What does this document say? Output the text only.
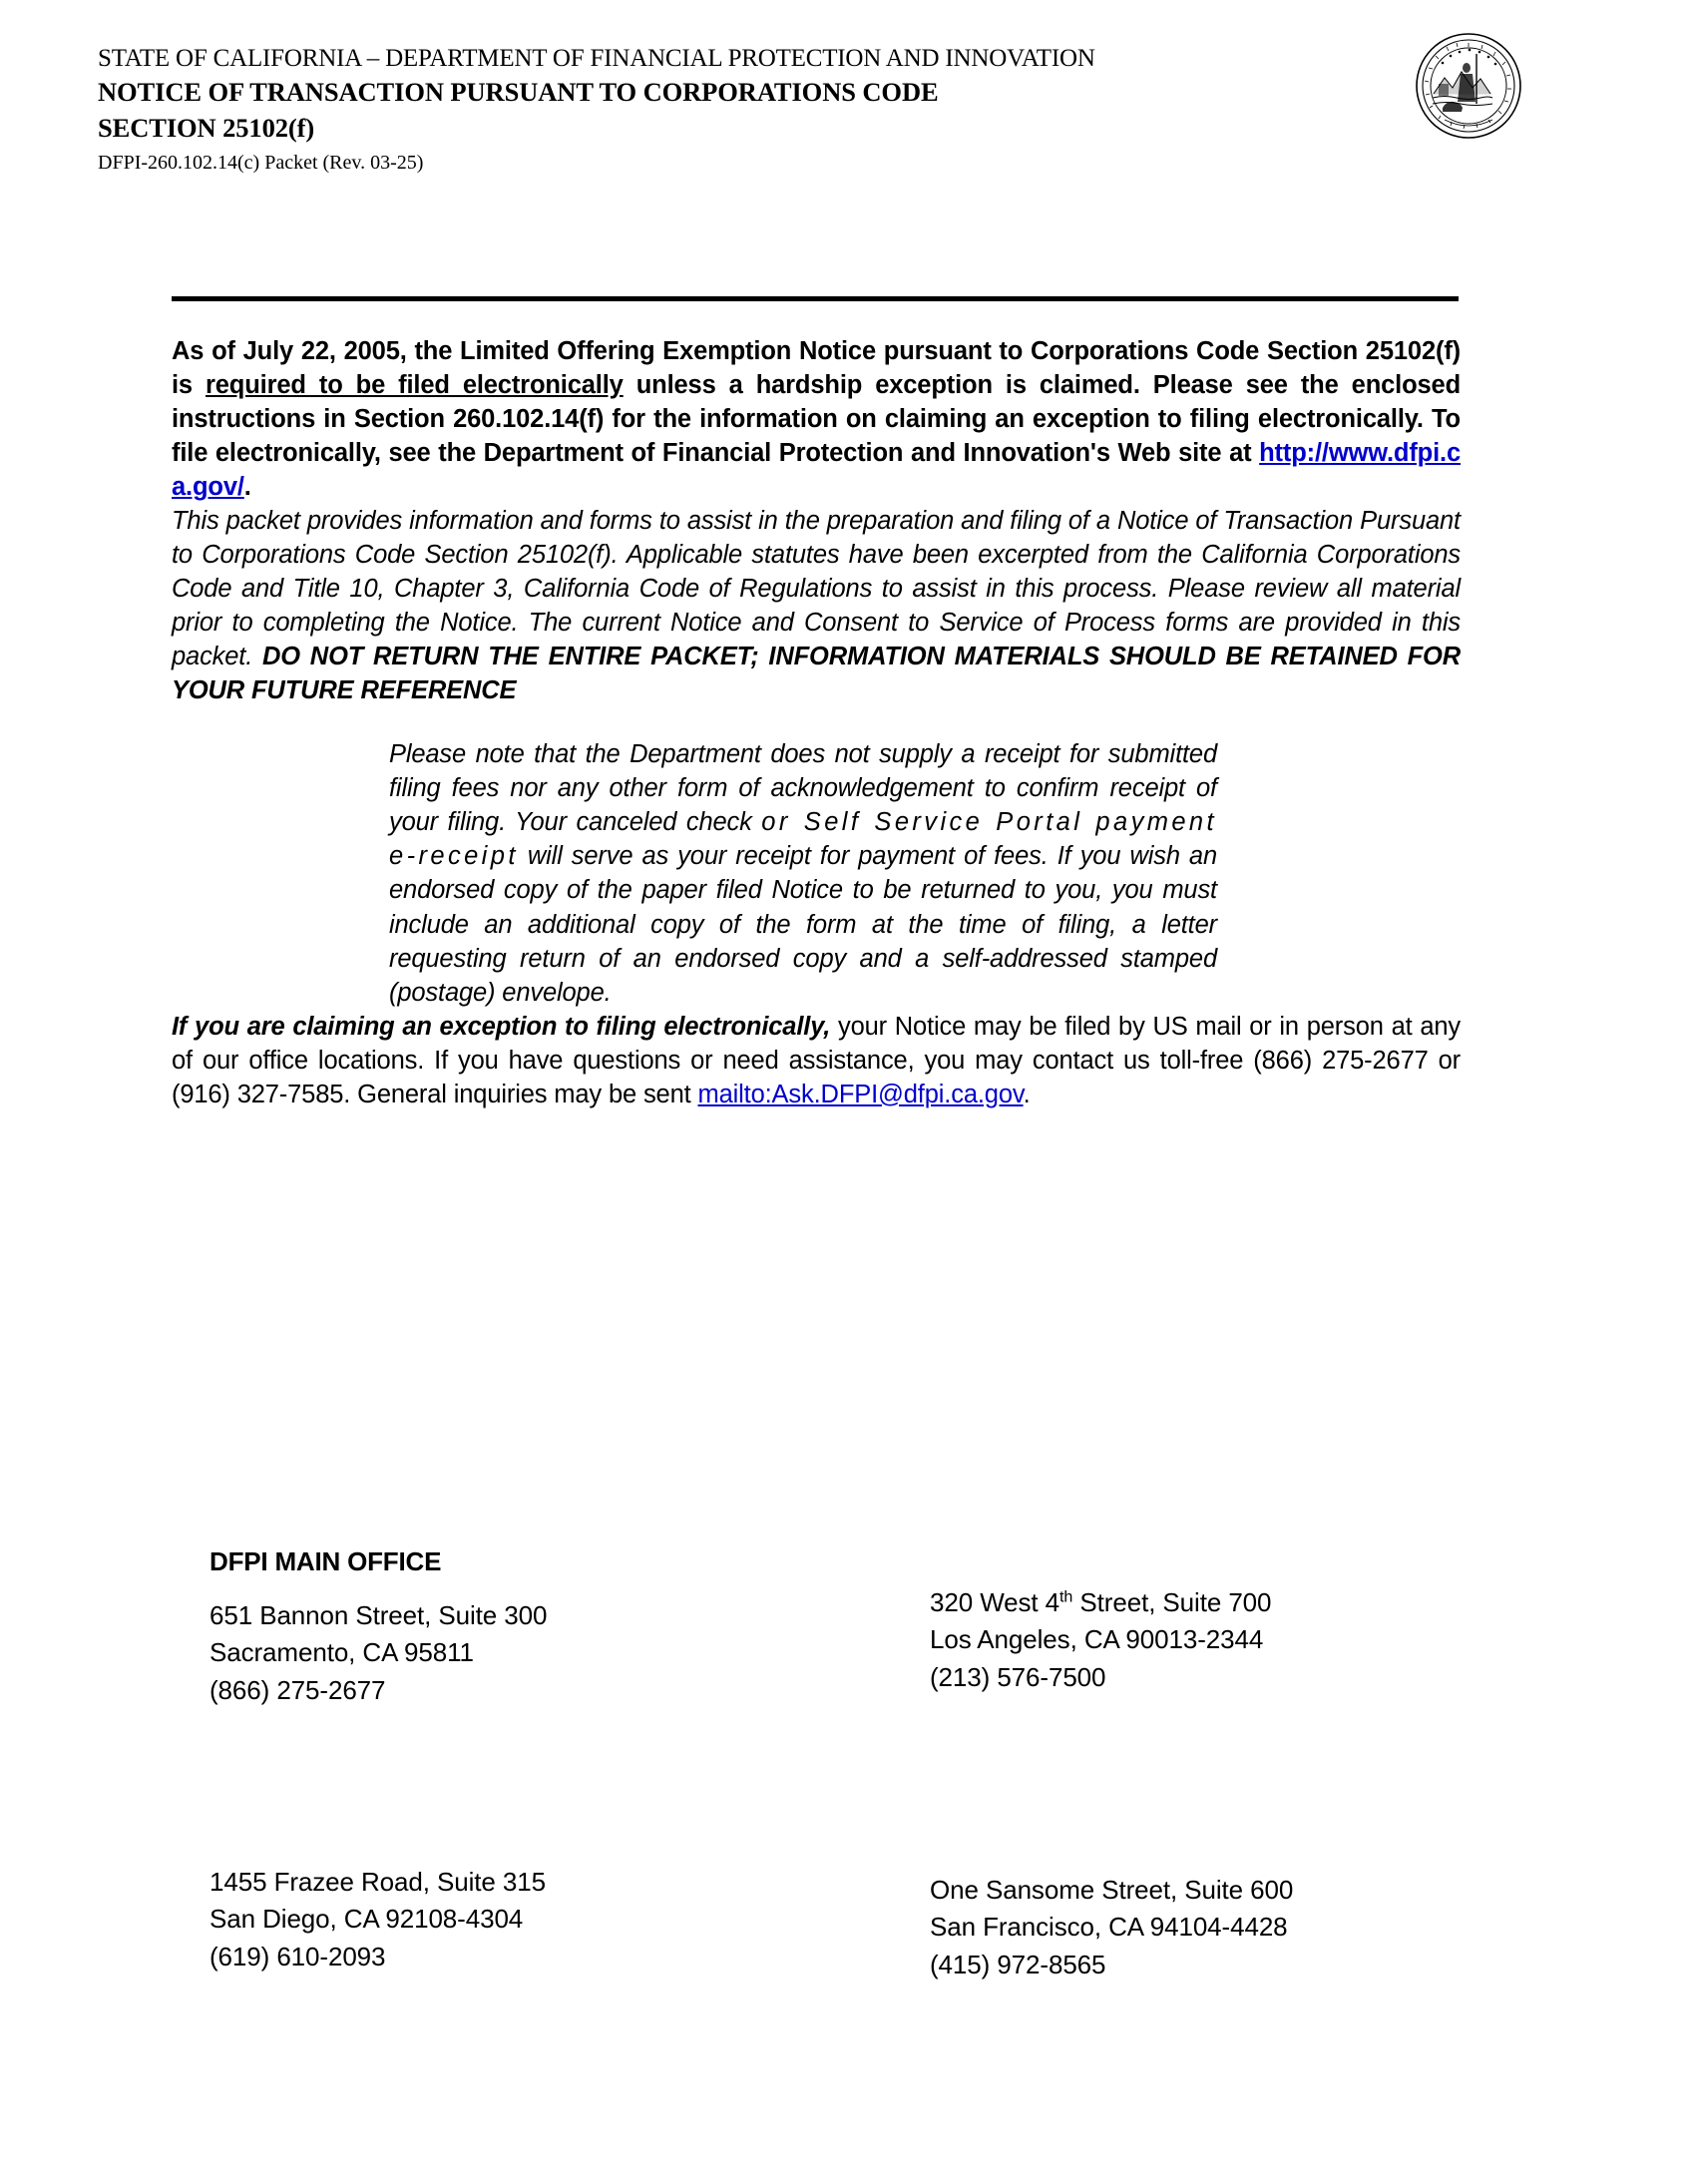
STATE OF CALIFORNIA – DEPARTMENT OF FINANCIAL PROTECTION AND INNOVATION
NOTICE OF TRANSACTION PURSUANT TO CORPORATIONS CODE
SECTION 25102(f)
DFPI-260.102.14(c) Packet (Rev. 03-25)

As of July 22, 2005, the Limited Offering Exemption Notice pursuant to Corporations Code Section 25102(f) is required to be filed electronically unless a hardship exception is claimed. Please see the enclosed instructions in Section 260.102.14(f) for the information on claiming an exception to filing electronically. To file electronically, see the Department of Financial Protection and Innovation's Web site at http://www.dfpi.ca.gov/.

This packet provides information and forms to assist in the preparation and filing of a Notice of Transaction Pursuant to Corporations Code Section 25102(f). Applicable statutes have been excerpted from the California Corporations Code and Title 10, Chapter 3, California Code of Regulations to assist in this process. Please review all material prior to completing the Notice. The current Notice and Consent to Service of Process forms are provided in this packet. DO NOT RETURN THE ENTIRE PACKET; INFORMATION MATERIALS SHOULD BE RETAINED FOR YOUR FUTURE REFERENCE

Please note that the Department does not supply a receipt for submitted filing fees nor any other form of acknowledgement to confirm receipt of your filing. Your canceled check or Self Service Portal payment e-receipt will serve as your receipt for payment of fees. If you wish an endorsed copy of the paper filed Notice to be returned to you, you must include an additional copy of the form at the time of filing, a letter requesting return of an endorsed copy and a self-addressed stamped (postage) envelope.

If you are claiming an exception to filing electronically, your Notice may be filed by US mail or in person at any of our office locations. If you have questions or need assistance, you may contact us toll-free (866) 275-2677 or (916) 327-7585. General inquiries may be sent mailto:Ask.DFPI@dfpi.ca.gov.

DFPI MAIN OFFICE
651 Bannon Street, Suite 300
Sacramento, CA 95811
(866) 275-2677
320 West 4th Street, Suite 700
Los Angeles, CA 90013-2344
(213) 576-7500
1455 Frazee Road, Suite 315
San Diego, CA 92108-4304
(619) 610-2093
One Sansome Street, Suite 600
San Francisco, CA 94104-4428
(415) 972-8565
